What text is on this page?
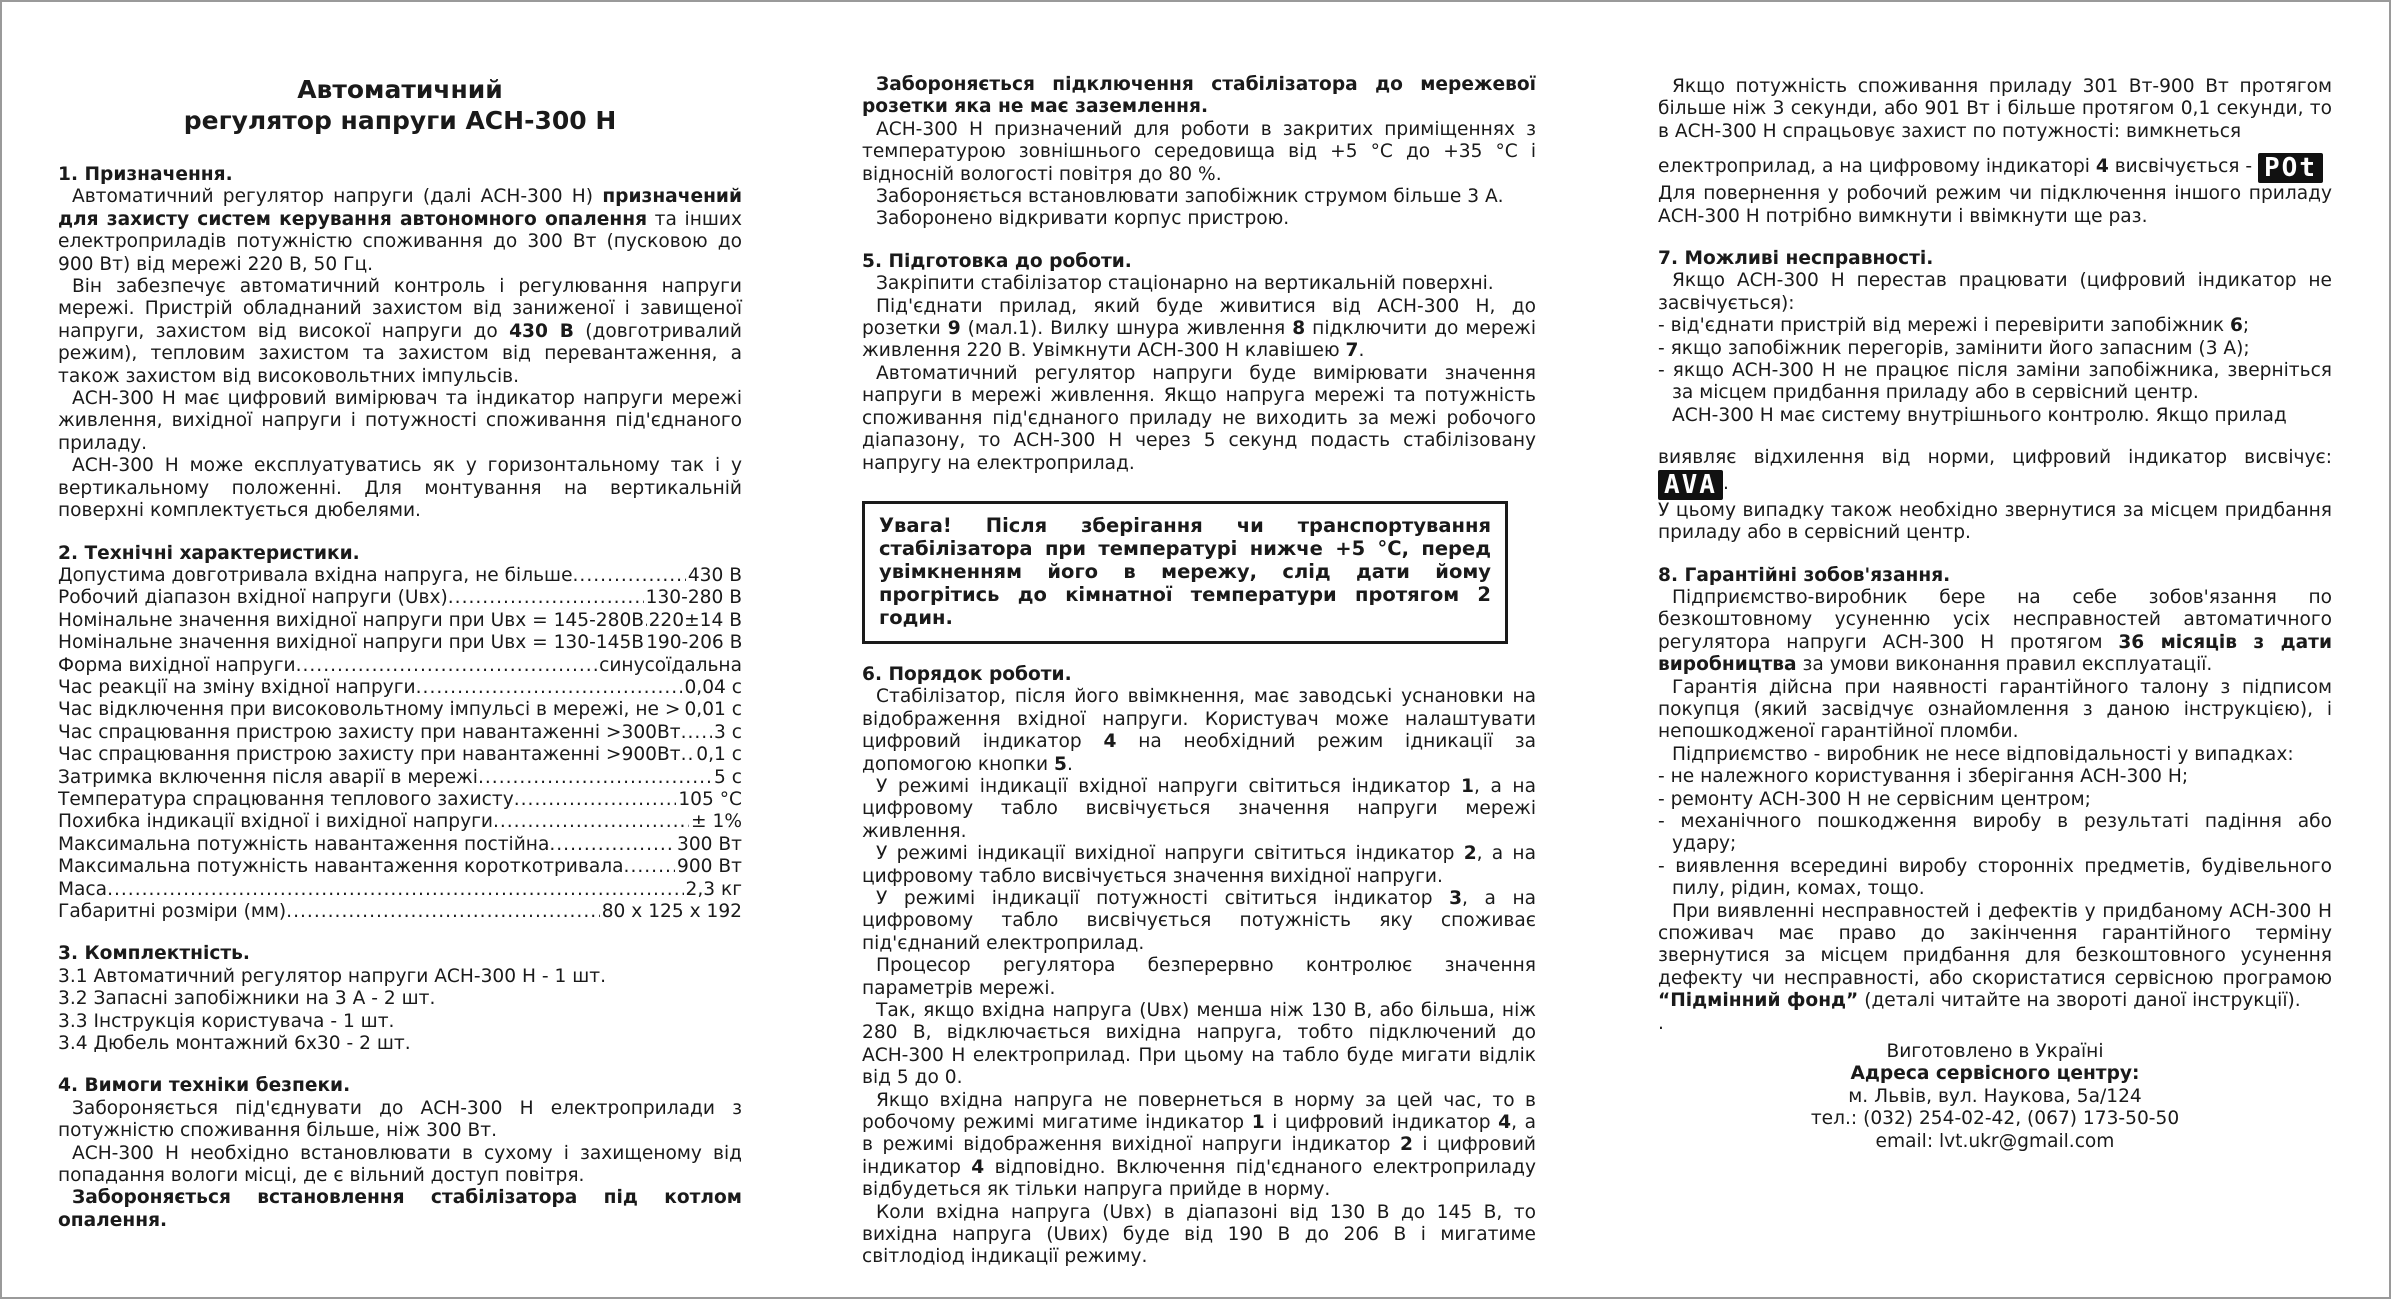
Автоматичний
регулятор напруги АСН-300 Н
1. Призначення.

Автоматичний регулятор напруги (далі АСН-300 Н) призначений для захисту систем керування автономного опалення та інших електроприладів потужністю споживання до 300 Вт (пусковою до 900 Вт) від мережі 220 В, 50 Гц.

Він забезпечує автоматичний контроль і регулювання напруги мережі. Пристрій обладнаний захистом від заниженої і завищеної напруги, захистом від високої напруги до 430 В (довготривалий режим), тепловим захистом та захистом від перевантаження, а також захистом від високовольтних імпульсів.

АСН-300 Н має цифровий вимірювач та індикатор напруги мережі живлення, вихідної напруги і потужності споживання під'єднаного приладу.

АСН-300 Н може експлуатуватись як у горизонтальному так і у вертикальному положенні. Для монтування на вертикальній поверхні комплектується дюбелями.

2. Технічні характеристики.
Допустима довготривала вхідна напруга, не більше .....	430 В
Робочий діапазон вхідної напруги (Uвх) .....	130-280 В
Номінальне значення вихідної напруги при Uвх = 145-280В ..... 220±14 В
Номінальне значення вихідної напруги при Uвх = 130-145В 190-206 В
Форма вихідної напруги .....	синусоїдальна
Час реакції на зміну вхідної напруги .....	0,04 с
Час відключення при високовольтному імпульсі в мережі, не > ..... 0,01 с
Час спрацювання пристрою захисту при навантаженні >300Вт ..... 3 с
Час спрацювання пристрою захисту при навантаженні >900Вт ..... 0,1 с
Затримка включення після аварії в мережі .....	5 с
Температура спрацювання теплового захисту .....	105 °С
Похибка індикації вхідної і вихідної напруги .....	± 1%
Максимальна потужність навантаження постійна .....	300 Вт
Максимальна потужність навантаження короткотривала .....	900 Вт
Маса .....	2,3 кг
Габаритні розміри (мм) .....	80 х 125 х 192
3. Комплектність.

3.1 Автоматичний регулятор напруги АСН-300 Н - 1 шт.

3.2 Запасні запобіжники на 3 А - 2 шт.

3.3 Інструкція користувача - 1 шт.

3.4 Дюбель монтажний 6х30 - 2 шт.

4. Вимоги техніки безпеки.

Забороняється під'єднувати до АСН-300 Н електроприлади з потужністю споживання більше, ніж 300 Вт.

АСН-300 Н необхідно встановлювати в сухому і захищеному від попадання вологи місці, де є вільний доступ повітря.

Забороняється встановлення стабілізатора під котлом опалення.

Забороняється підключення стабілізатора до мережевої розетки яка не має заземлення.

АСН-300 Н призначений для роботи в закритих приміщеннях з температурою зовнішнього середовища від +5 °С до +35 °С і відносній вологості повітря до 80 %.

Забороняється встановлювати запобіжник струмом більше 3 А.

Заборонено відкривати корпус пристрою.

5. Підготовка до роботи.

Закріпити стабілізатор стаціонарно на вертикальній поверхні.

Під'єднати прилад, який буде живитися від АСН-300 Н, до розетки 9 (мал.1). Вилку шнура живлення 8 підключити до мережі живлення 220 В. Увімкнути АСН-300 Н клавішею 7.

Автоматичний регулятор напруги буде вимірювати значення напруги в мережі живлення. Якщо напруга мережі та потужність споживання під'єднаного приладу не виходить за межі робочого діапазону, то АСН-300 Н через 5 секунд подасть стабілізовану напругу на електроприлад.

Увага! Після зберігання чи транспортування стабілізатора при температурі нижче +5 °С, перед увімкненням його в мережу, слід дати йому прогрітись до кімнатної температури протягом 2 годин.

6. Порядок роботи.

Стабілізатор, після його ввімкнення, має заводські уснановки на відображення вхідної напруги. Користувач може налаштувати цифровий індикатор 4 на необхідний режим ідникації за допомогою кнопки 5.

У режимі індикації вхідної напруги світиться індикатор 1, а на цифровому табло висвічується значення напруги мережі живлення.

У режимі індикації вихідної напруги світиться індикатор 2, а на цифровому табло висвічується значення вихідної напруги.

У режимі індикації потужності світиться індикатор 3, а на цифровому табло висвічується потужність яку споживає під'єднаний електроприлад.

Процесор регулятора безперервно контролює значення параметрів мережі.

Так, якщо вхідна напруга (Uвх) менша ніж 130 В, або більша, ніж 280 В, відключається вихідна напруга, тобто підключений до АСН-300 Н електроприлад. При цьому на табло буде мигати відлік від 5 до 0.

Якщо вхідна напруга не повернеться в норму за цей час, то в робочому режимі мигатиме індикатор 1 і цифровий індикатор 4, а в режимі відображення вихідної напруги індикатор 2 і цифровий індикатор 4 відповідно. Включення під'єднаного електроприладу відбудеться як тільки напруга прийде в норму.

Коли вхідна напруга (Uвх) в діапазоні від 130 В до 145 В, то вихідна напруга (Uвих) буде від 190 В до 206 В і мигатиме світлодіод індикації режиму.

Якщо потужність споживання приладу 301 Вт-900 Вт протягом більше ніж 3 секунди, або 901 Вт і більше протягом 0,1 секунди, то в АСН-300 Н спрацьовує захист по потужності: вимкнеться

електроприлад, а на цифровому індикаторі 4 висвічується - POt

Для повернення у робочий режим чи підключення іншого приладу АСН-300 Н потрібно вимкнути і ввімкнути ще раз.

7. Можливі несправності.

Якщо АСН-300 Н перестав працювати (цифровий індикатор не засвічується):

- від'єднати пристрій від мережі і перевірити запобіжник 6;

- якщо запобіжник перегорів, замінити його запасним (3 А);

- якщо АСН-300 Н не працює після заміни запобіжника, зверніться за місцем придбання приладу або в сервісний центр.

АСН-300 Н має систему внутрішнього контролю. Якщо прилад

виявляє відхилення від норми, цифровий індикатор висвічує: AVA .

У цьому випадку також необхідно звернутися за місцем придбання приладу або в сервісний центр.

8. Гарантійні зобов'язання.

Підприємство-виробник бере на себе зобов'язання по безкоштовному усуненню усіх несправностей автоматичного регулятора напруги АСН-300 Н протягом 36 місяців з дати виробництва за умови виконання правил експлуатації.

Гарантія дійсна при наявності гарантійного талону з підписом покупця (який засвідчує ознайомлення з даною інструкцією), і непошкодженої гарантійної пломби.

Підприємство - виробник не несе відповідальності у випадках:

- не належного користування і зберігання АСН-300 Н;

- ремонту АСН-300 Н не сервісним центром;

- механічного пошкодження виробу в результаті падіння або удару;

- виявлення всередині виробу сторонніх предметів, будівельного пилу, рідин, комах, тощо.

При виявленні несправностей і дефектів у придбаному АСН-300 Н споживач має право до закінчення гарантійного терміну звернутися за місцем придбання для безкоштовного усунення дефекту чи несправності, або скористатися сервісною програмою “Підмінний фонд” (деталі читайте на звороті даної інструкції).

.

Виготовлено в Україні

Адреса сервісного центру:

м. Львів, вул. Наукова, 5а/124

тел.: (032) 254-02-42, (067) 173-50-50

email: lvt.ukr@gmail.com
